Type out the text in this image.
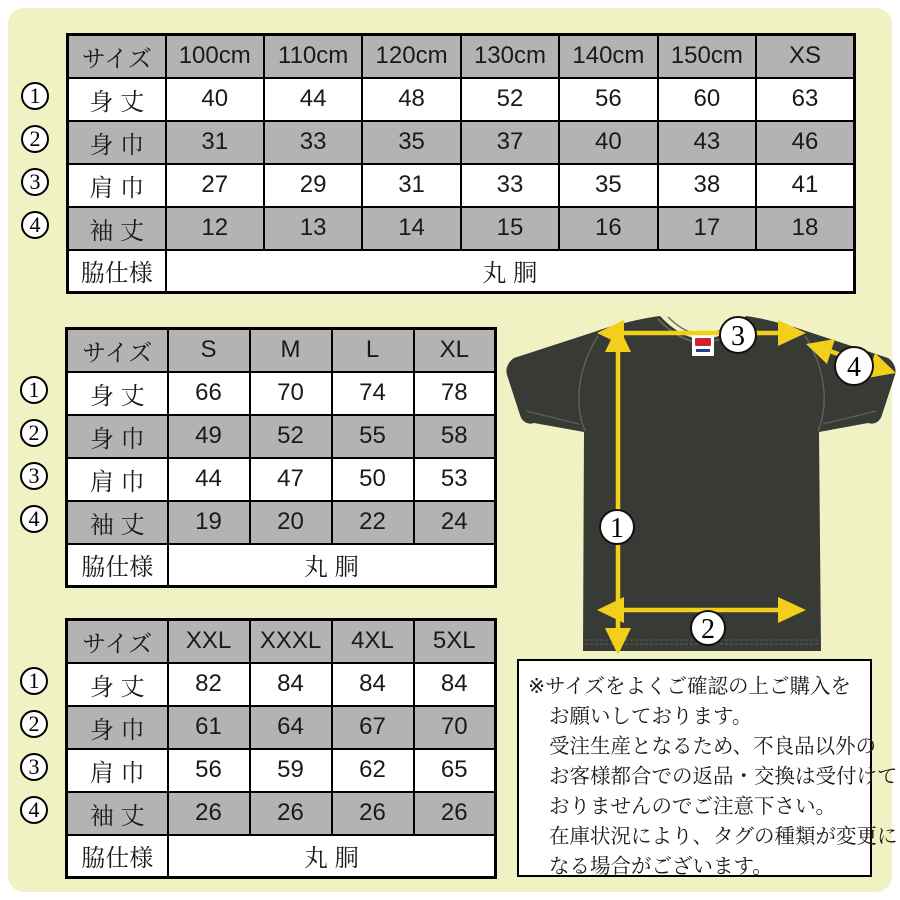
1
2
3
4
サイズ	100cm	110cm	120cm	130cm	140cm	150cm	XS
身 丈	40	44	48	52	56	60	63
身 巾	31	33	35	37	40	43	46
肩 巾	27	29	31	33	35	38	41
袖 丈	12	13	14	15	16	17	18
脇仕様	丸 胴						
1
2
3
4
サイズ	S	M	L	XL
身 丈	66	70	74	78
身 巾	49	52	55	58
肩 巾	44	47	50	53
袖 丈	19	20	22	24
脇仕様	丸 胴			
1
2
3
4
サイズ	XXL	XXXL	4XL	5XL
身 丈	82	84	84	84
身 巾	61	64	67	70
肩 巾	56	59	62	65
袖 丈	26	26	26	26
脇仕様	丸 胴			
1
2
3
4

※サイズをよくご確認の上ご購入を

お願いしております。

受注生産となるため、不良品以外の

お客様都合での返品・交換は受付けて

おりませんのでご注意下さい。

在庫状況により、タグの種類が変更に

なる場合がございます。
